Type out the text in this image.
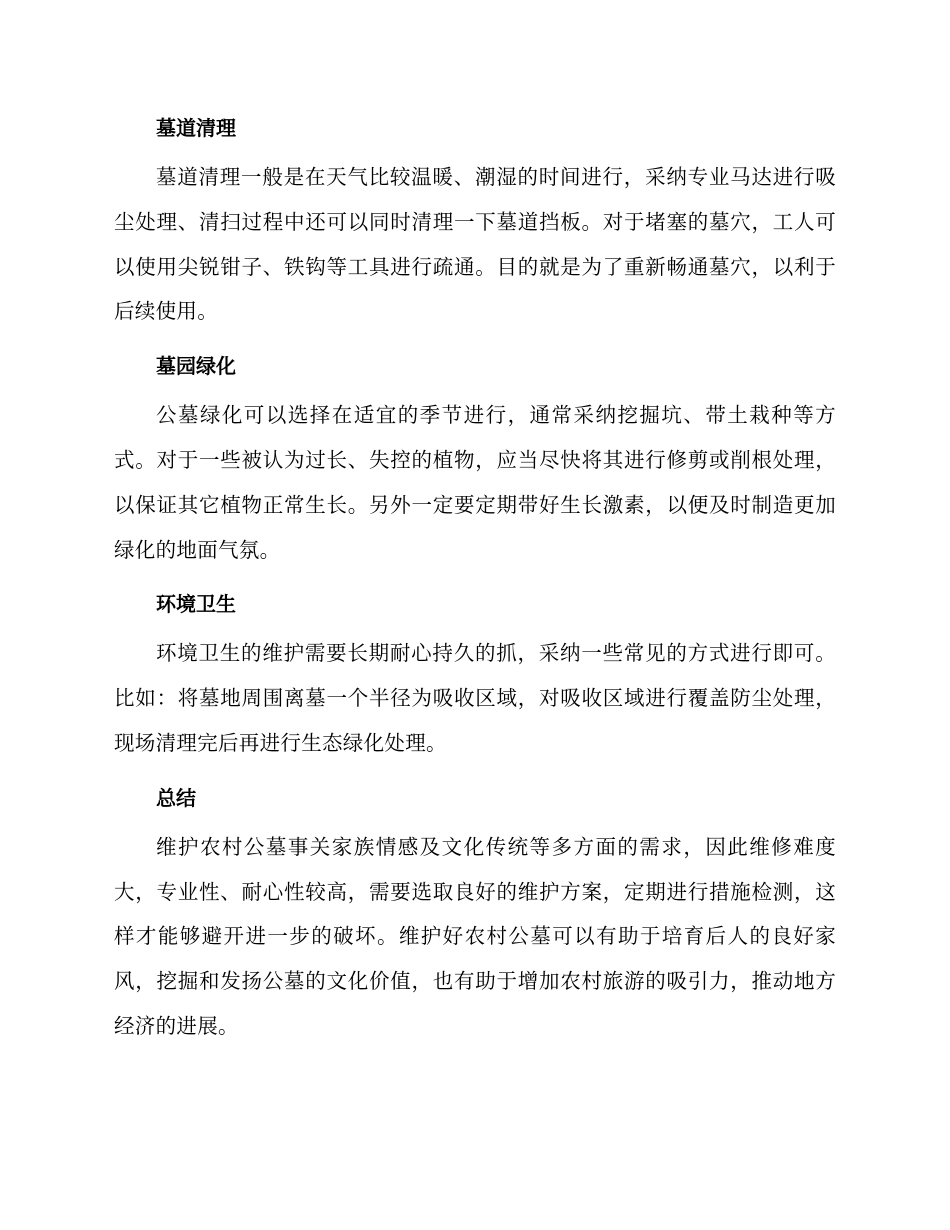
墓道清理

墓道清理一般是在天气比较温暖、潮湿的时间进行，采纳专业马达进行吸尘处理、清扫过程中还可以同时清理一下墓道挡板。对于堵塞的墓穴，工人可以使用尖锐钳子、铁钩等工具进行疏通。目的就是为了重新畅通墓穴，以利于后续使用。

墓园绿化

公墓绿化可以选择在适宜的季节进行，通常采纳挖掘坑、带土栽种等方式。对于一些被认为过长、失控的植物，应当尽快将其进行修剪或削根处理，以保证其它植物正常生长。另外一定要定期带好生长激素，以便及时制造更加绿化的地面气氛。

环境卫生

环境卫生的维护需要长期耐心持久的抓，采纳一些常见的方式进行即可。比如：将墓地周围离墓一个半径为吸收区域，对吸收区域进行覆盖防尘处理，现场清理完后再进行生态绿化处理。

总结

维护农村公墓事关家族情感及文化传统等多方面的需求，因此维修难度大，专业性、耐心性较高，需要选取良好的维护方案，定期进行措施检测，这样才能够避开进一步的破坏。维护好农村公墓可以有助于培育后人的良好家风，挖掘和发扬公墓的文化价值，也有助于增加农村旅游的吸引力，推动地方经济的进展。
